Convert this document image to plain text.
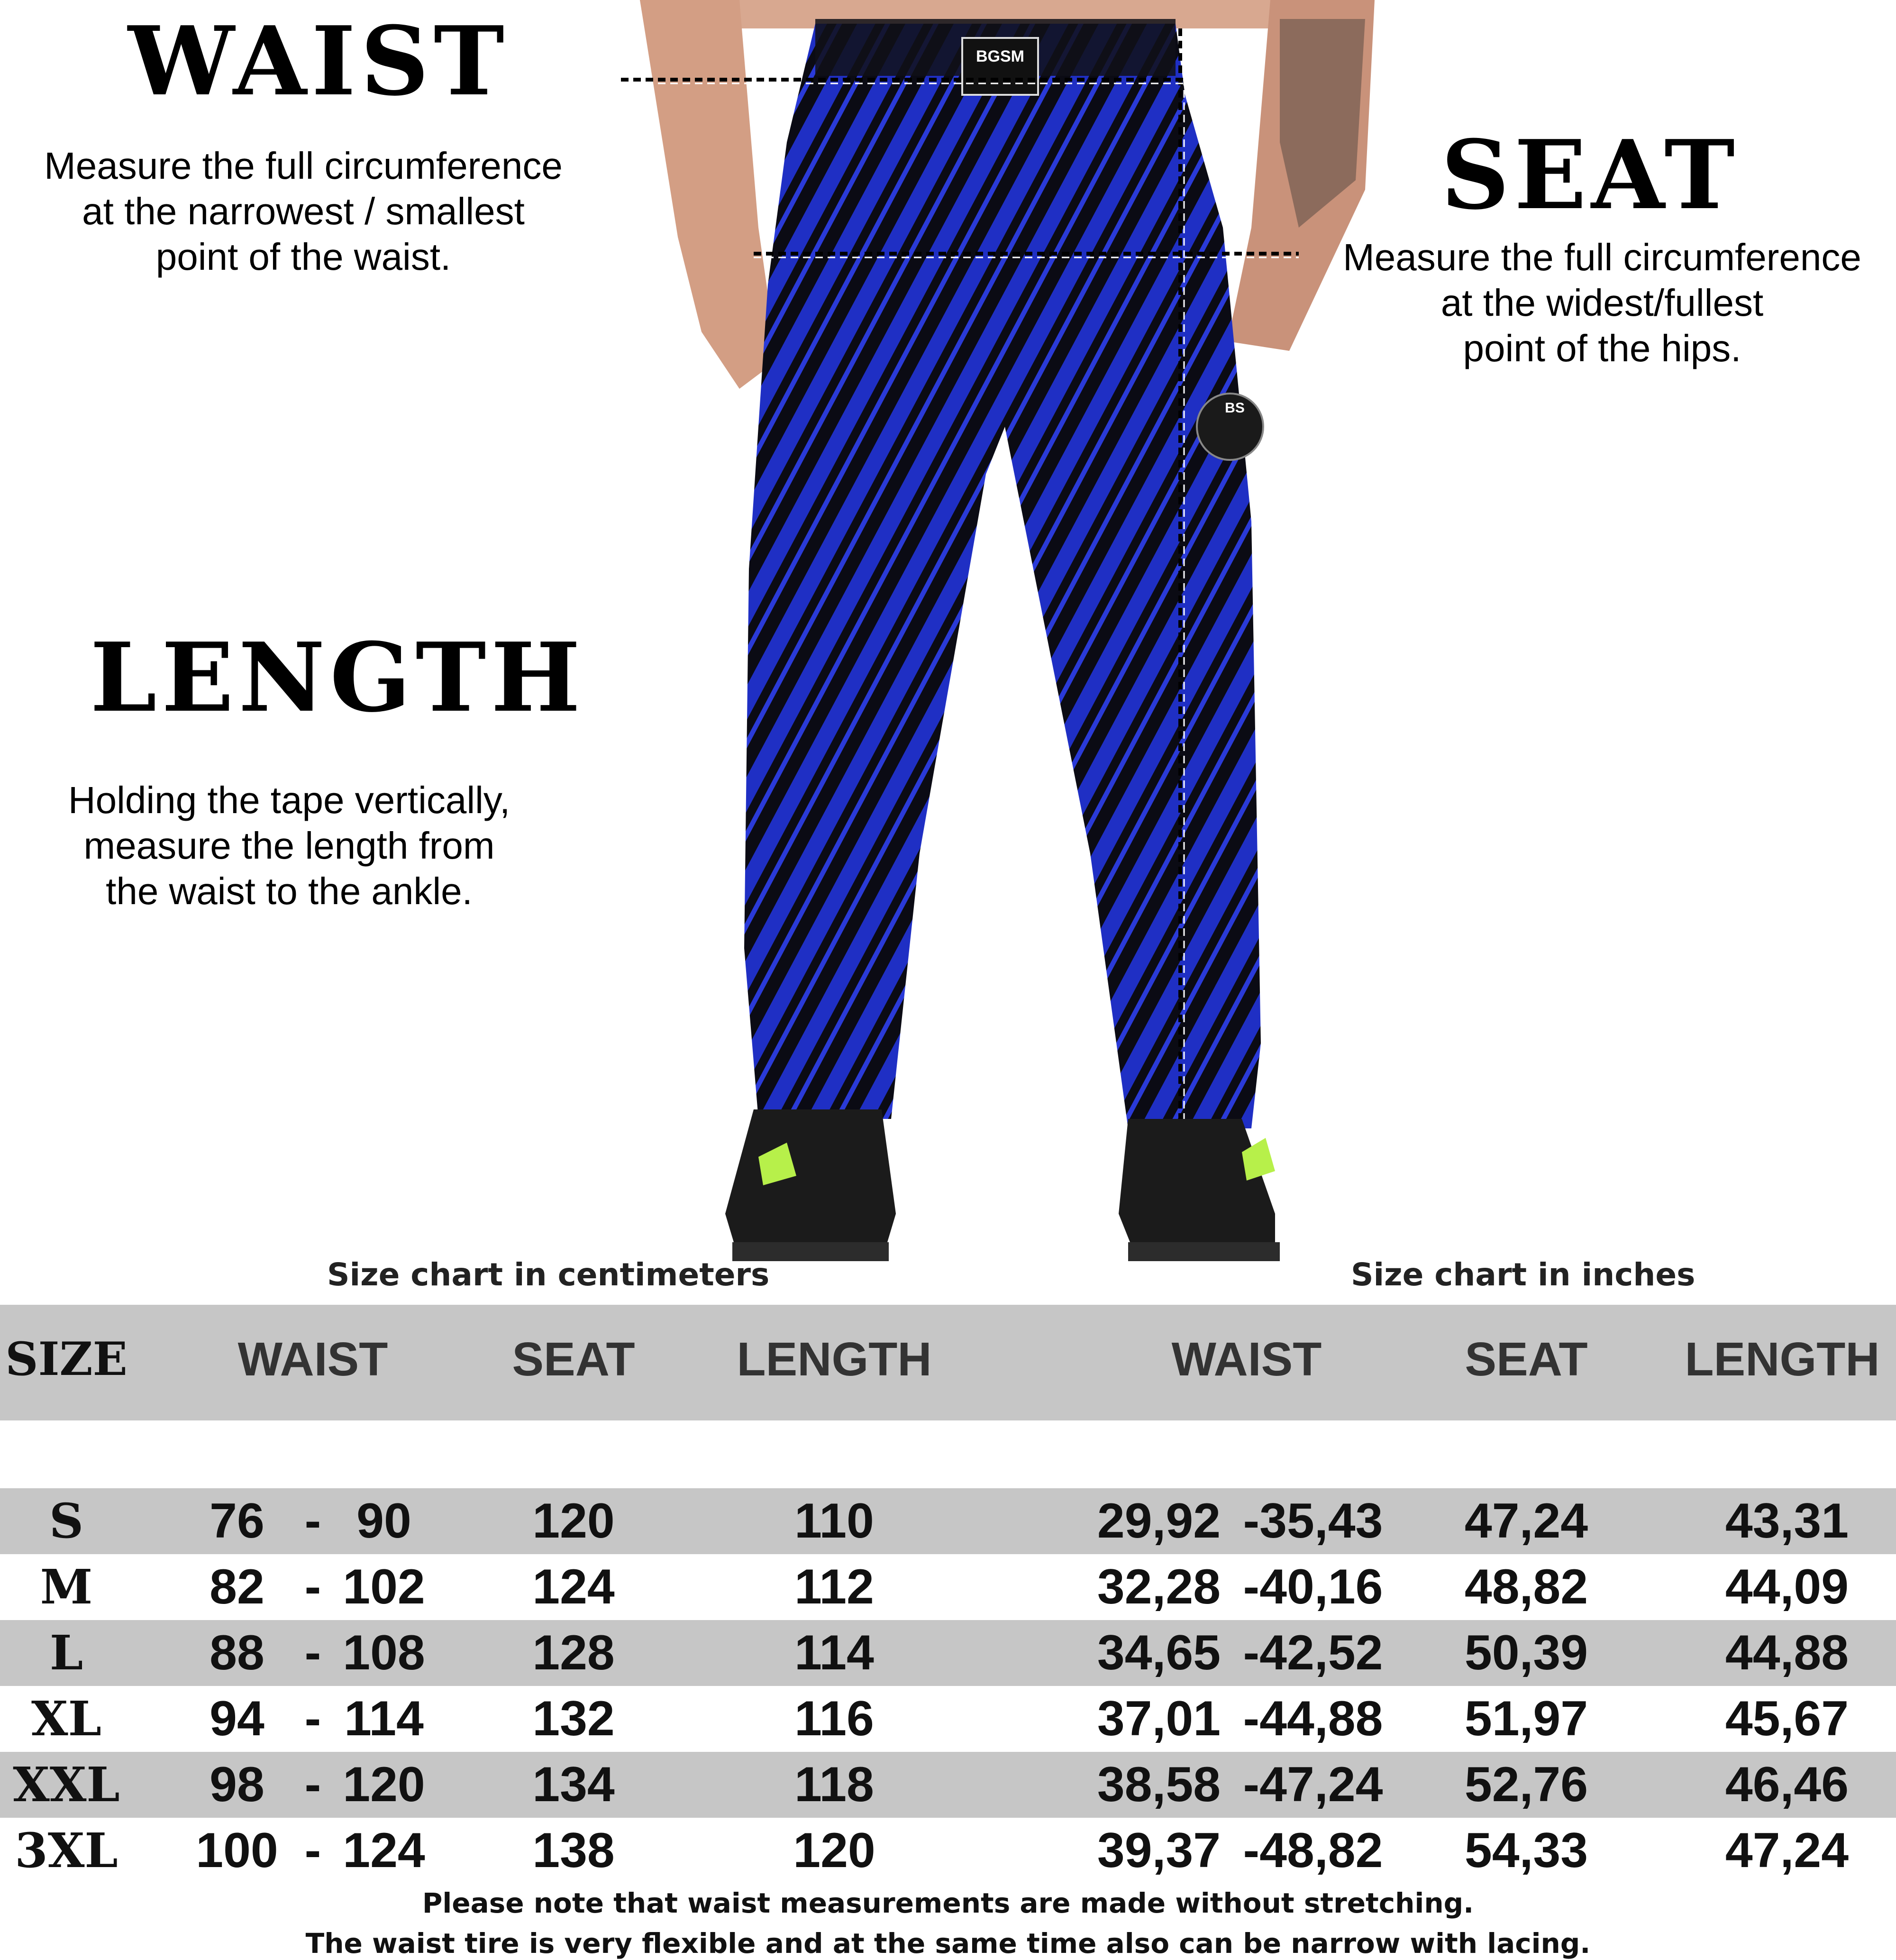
WAIST
Measure the full circumference
at the narrowest / smallest
point of the waist.
SEAT
Measure the full circumference
at the widest/fullest
point of the hips.
LENGTH
Holding the tape vertically,
measure the length from
the waist to the ankle.
BGSM
BS
Size chart in centimeters	Size chart in inches
SIZE	WAIST	SEAT	LENGTH	WAIST	SEAT	LENGTH
S	76 - 90	120	110	29,92 -35,43	47,24	43,31
M	82 - 102	124	112	32,28 -40,16	48,82	44,09
L	88 - 108	128	114	34,65 -42,52	50,39	44,88
XL	94 - 114	132	116	37,01 -44,88	51,97	45,67
XXL	98 - 120	134	118	38,58 -47,24	52,76	46,46
3XL	100 - 124	138	120	39,37 -48,82	54,33	47,24
Please note that waist measurements are made without stretching.
The waist tire is very flexible and at the same time also can be narrow with lacing.
